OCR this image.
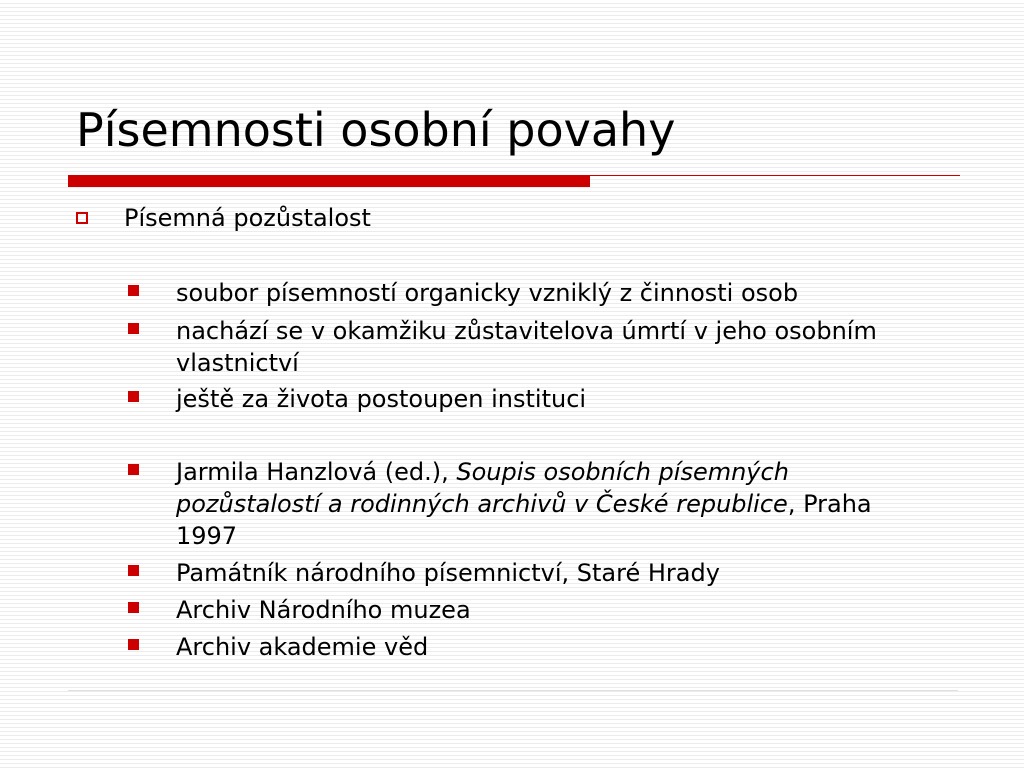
Písemnosti osobní povahy
Písemná pozůstalost
soubor písemností organicky vzniklý z činnosti osob
nachází se v okamžiku zůstavitelova úmrtí v jeho osobním vlastnictví
ještě za života postoupen instituci
Jarmila Hanzlová (ed.), Soupis osobních písemných pozůstalostí a rodinných archivů v České republice, Praha 1997
Památník národního písemnictví, Staré Hrady
Archiv Národního muzea
Archiv akademie věd
